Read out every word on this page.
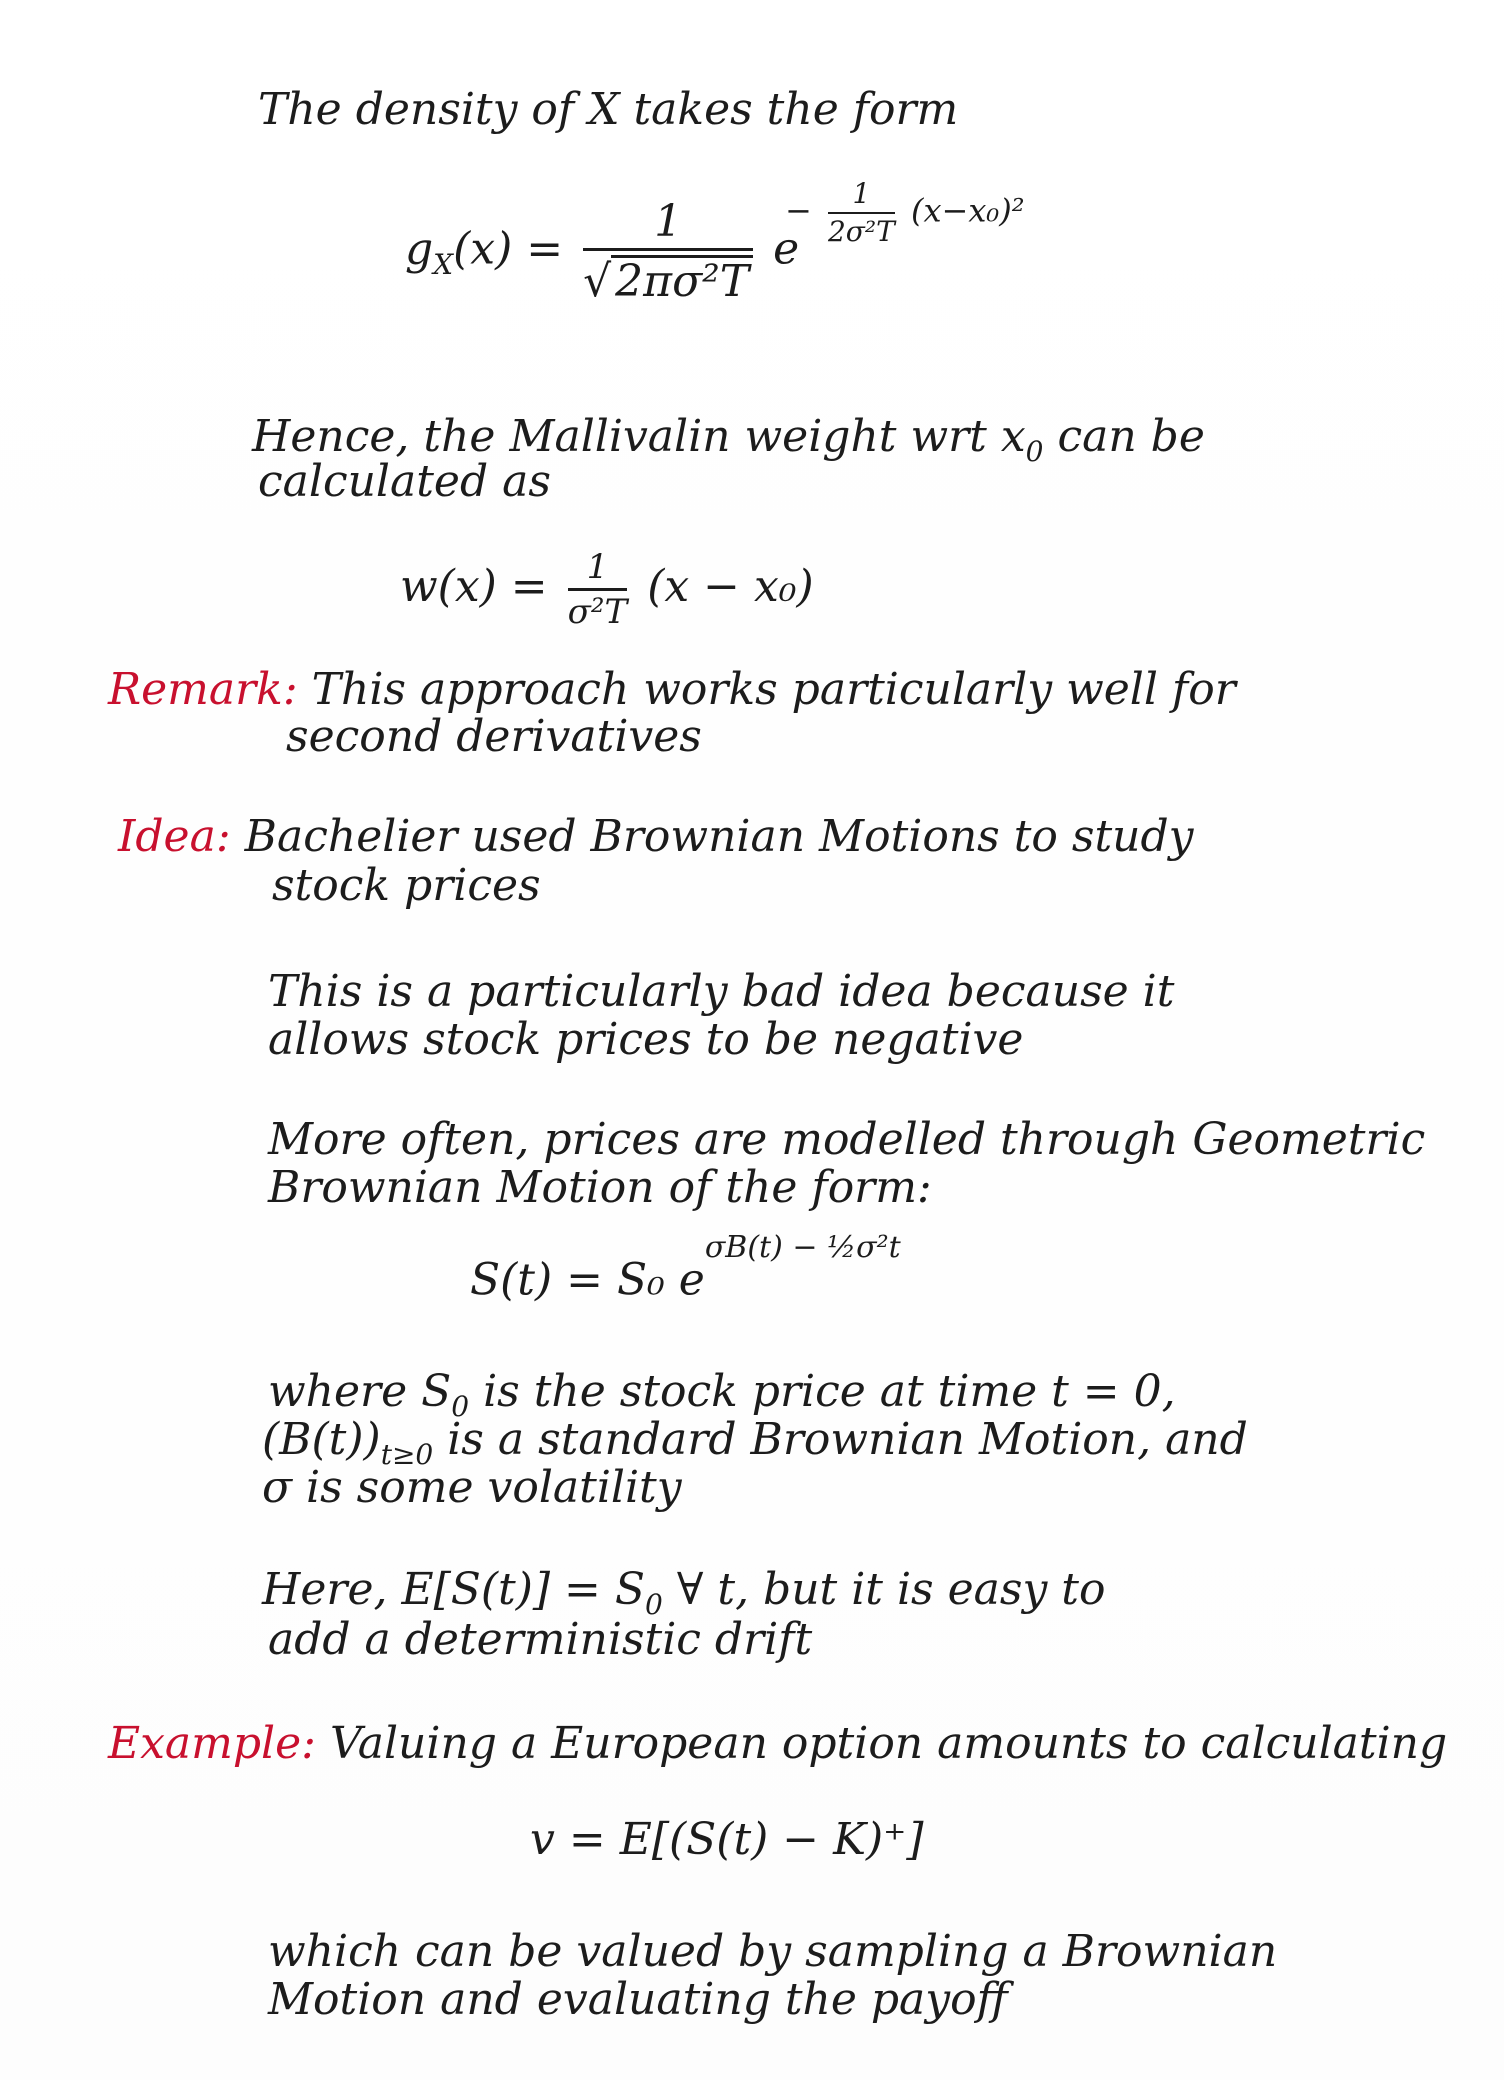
The density of X takes the form
$g_X(x) = \frac{1}{\text{√2πσ²T}}$ e
− $\frac{1}{\text{2σ²T}} (x-x_0)^2$
Hence, the Mallivalin weight wrt $x_0$ can be
calculated as
$w(x) = \frac{1}{\text{σ²T}} (x - x_0)$
Remark: This approach works particularly well for
second derivatives
Idea: Bachelier used Brownian Motions to study
stock prices
This is a particularly bad idea because it
allows stock prices to be negative
More often, prices are modelled through Geometric
Brownian Motion of the form:
S(t) = S₀ $e^{\sigma B(t) - \frac{1}{2}\sigma^2t}$
where $S_0$ is the stock price at time t = 0,
$(B(t))_{t\ge 0}$ is a standard Brownian Motion, and
σ is some volatility
Here, $E[S(t)] = S_0$ ∀ t, but it is easy to
add a deterministic drift
Example: Valuing a European option amounts to calculating
v = E[(S(t) − K)⁺]
which can be valued by sampling a Brownian
Motion and evaluating the payoff
